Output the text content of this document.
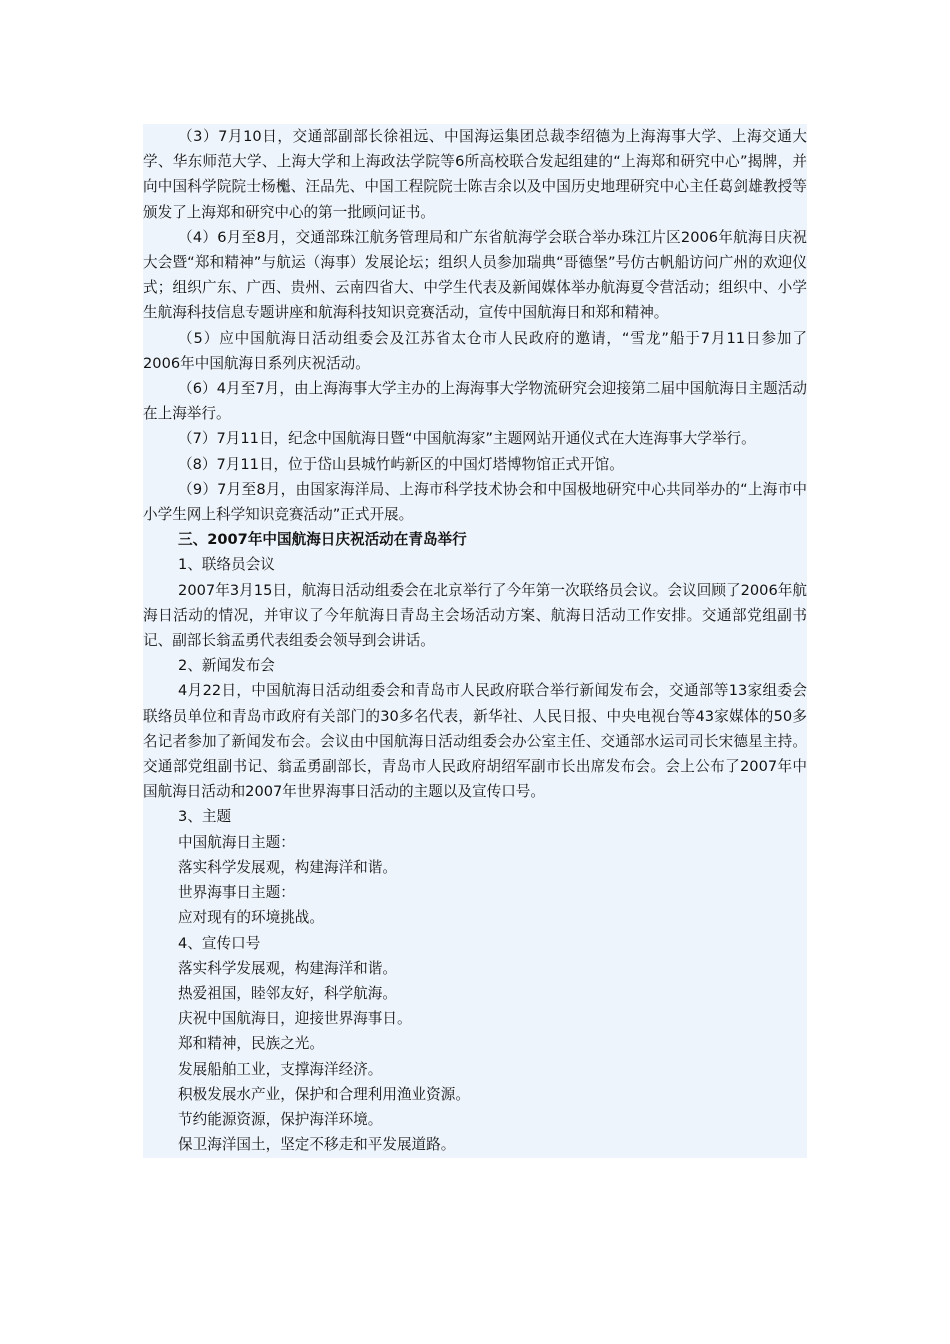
（3）7月10日，交通部副部长徐祖远、中国海运集团总裁李绍德为上海海事大学、上海交通大学、华东师范大学、上海大学和上海政法学院等6所高校联合发起组建的“上海郑和研究中心”揭牌，并向中国科学院院士杨櫆、汪品先、中国工程院院士陈吉余以及中国历史地理研究中心主任葛剑雄教授等颁发了上海郑和研究中心的第一批顾问证书。

（4）6月至8月，交通部珠江航务管理局和广东省航海学会联合举办珠江片区2006年航海日庆祝大会暨“郑和精神”与航运（海事）发展论坛；组织人员参加瑞典“哥德堡”号仿古帆船访问广州的欢迎仪式；组织广东、广西、贵州、云南四省大、中学生代表及新闻媒体举办航海夏令营活动；组织中、小学生航海科技信息专题讲座和航海科技知识竞赛活动，宣传中国航海日和郑和精神。

（5）应中国航海日活动组委会及江苏省太仓市人民政府的邀请，“雪龙”船于7月11日参加了2006年中国航海日系列庆祝活动。

（6）4月至7月，由上海海事大学主办的上海海事大学物流研究会迎接第二届中国航海日主题活动在上海举行。

（7）7月11日，纪念中国航海日暨“中国航海家”主题网站开通仪式在大连海事大学举行。

（8）7月11日，位于岱山县城竹屿新区的中国灯塔博物馆正式开馆。

（9）7月至8月，由国家海洋局、上海市科学技术协会和中国极地研究中心共同举办的“上海市中小学生网上科学知识竞赛活动”正式开展。

三、2007年中国航海日庆祝活动在青岛举行

1、联络员会议

2007年3月15日，航海日活动组委会在北京举行了今年第一次联络员会议。会议回顾了2006年航海日活动的情况，并审议了今年航海日青岛主会场活动方案、航海日活动工作安排。交通部党组副书记、副部长翁孟勇代表组委会领导到会讲话。

2、新闻发布会

4月22日，中国航海日活动组委会和青岛市人民政府联合举行新闻发布会，交通部等13家组委会联络员单位和青岛市政府有关部门的30多名代表，新华社、人民日报、中央电视台等43家媒体的50多名记者参加了新闻发布会。会议由中国航海日活动组委会办公室主任、交通部水运司司长宋德星主持。交通部党组副书记、翁孟勇副部长，青岛市人民政府胡绍军副市长出席发布会。会上公布了2007年中国航海日活动和2007年世界海事日活动的主题以及宣传口号。

3、主题

中国航海日主题：

落实科学发展观，构建海洋和谐。

世界海事日主题：

应对现有的环境挑战。

4、宣传口号

落实科学发展观，构建海洋和谐。

热爱祖国，睦邻友好，科学航海。

庆祝中国航海日，迎接世界海事日。

郑和精神，民族之光。

发展船舶工业，支撑海洋经济。

积极发展水产业，保护和合理利用渔业资源。

节约能源资源，保护海洋环境。

保卫海洋国土，坚定不移走和平发展道路。
